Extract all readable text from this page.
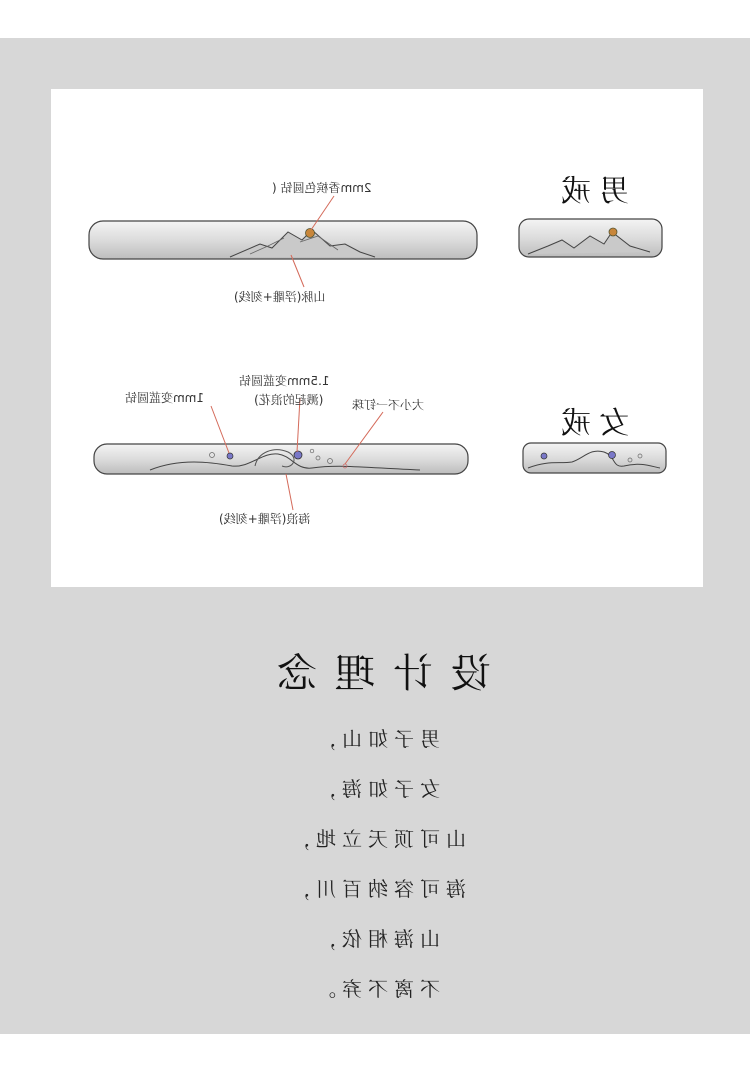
2mm香槟色圆钻 (
山脉(浮雕+刻线)
男戒
1.5mm变蓝圆钻
(溅起的浪花)
1mm变蓝圆钻	大小不一钉珠
海浪(浮雕+刻线)
女戒
设计理念
男子如山，
女子如海，
山可顶天立地，
海可容纳百川，
山海相依，
不离不弃。
